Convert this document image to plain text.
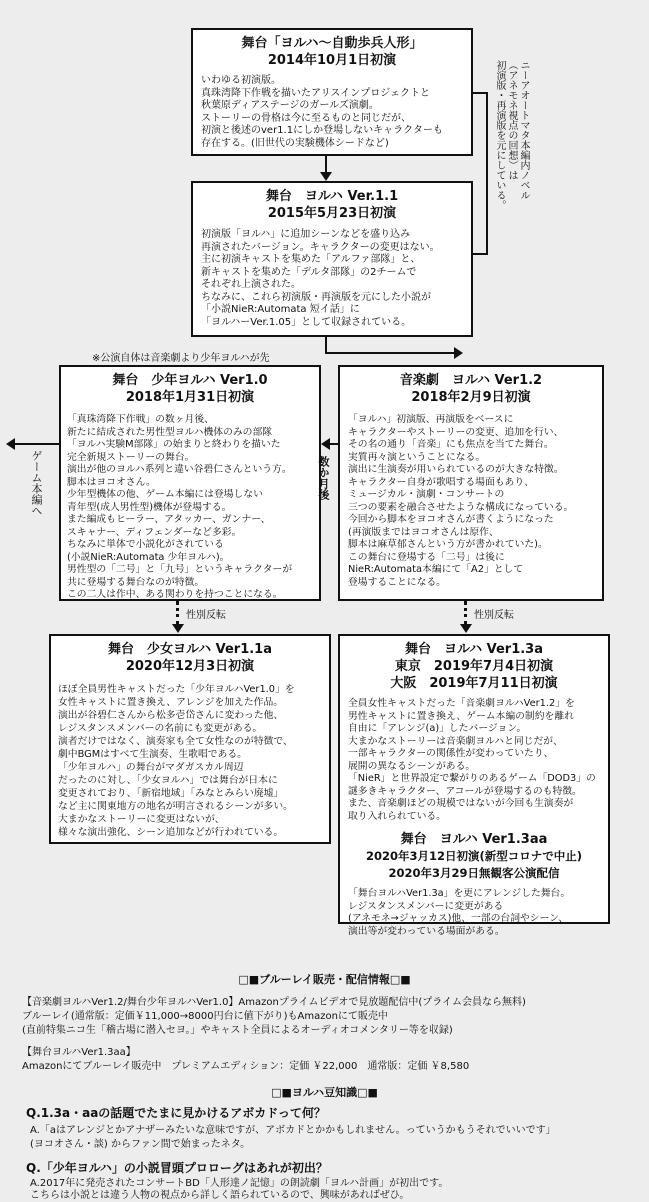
舞台「ヨルハ～自動歩兵人形」
2014年10月1日初演
いわゆる初演版。
真珠湾降下作戦を描いたアリスインプロジェクトと
秋葉原ディアステージのガールズ演劇。
ストーリーの骨格は今に至るものと同じだが、
初演と後述のver1.1にしか登場しないキャラクターも
存在する。(旧世代の実験機体シードなど)	ニーアオートマタ本編内ノベル
（アネモネ視点の回想）は
初演版・再演版を元にしている。
舞台　ヨルハ Ver.1.1
2015年5月23日初演
初演版「ヨルハ」に追加シーンなどを盛り込み
再演されたバージョン。キャラクターの変更はない。
主に初演キャストを集めた「アルファ部隊」と、
新キャストを集めた「デルタ部隊」の2チームで
それぞれ上演された。
ちなみに、これら初演版・再演版を元にした小説が
「小説NieR:Automata 短イ話」に
「ヨルハーVer.1.05」として収録されている。
※公演自体は音楽劇より少年ヨルハが先
舞台　少年ヨルハ Ver1.0
2018年1月31日初演
「真珠湾降下作戦」の数ヶ月後、
新たに結成された男性型ヨルハ機体のみの部隊
「ヨルハ実験M部隊」の始まりと終わりを描いた
完全新規ストーリーの舞台。
演出が他のヨルハ系列と違い谷碧仁さんという方。
脚本はヨコオさん。
少年型機体の他、ゲーム本編には登場しない
青年型(成人男性型)機体が登場する。
また編成もヒーラー、アタッカー、ガンナー、
スキャナー、ディフェンダーなど多彩。
ちなみに単体で小説化がされている
(小説NieR:Automata 少年ヨルハ)。
男性型の「二号」と「九号」というキャラクターが
共に登場する舞台なのが特徴。
この二人は作中、ある関わりを持つことになる。
音楽劇　ヨルハ Ver1.2
2018年2月9日初演
「ヨルハ」初演版、再演版をベースに
キャラクターやストーリーの変更、追加を行い、
その名の通り「音楽」にも焦点を当てた舞台。
実質再々演ということになる。
演出に生演奏が用いられているのが大きな特徴。
キャラクター自身が歌唱する場面もあり、
ミュージカル・演劇・コンサートの
三つの要素を融合させたような構成になっている。
今回から脚本をヨコオさんが書くようになった
(再演版まではヨコオさんは原作、
脚本は麻草郁さんという方が書かれていた)。
この舞台に登場する「二号」は後に
NieR:Automata本編にて「A2」として
登場することになる。
数か月後
ゲーム本編へ
性別反転	性別反転
舞台　少女ヨルハ Ver1.1a
2020年12月3日初演
ほぼ全員男性キャストだった「少年ヨルハVer1.0」を
女性キャストに置き換え、アレンジを加えた作品。
演出が谷碧仁さんから松多壱岱さんに変わった他、
レジスタンスメンバーの名前にも変更がある。
演者だけではなく、演奏家も全て女性なのが特徴で、
劇中BGMはすべて生演奏、生歌唱である。
「少年ヨルハ」の舞台がマダガスカル周辺
だったのに対し、「少女ヨルハ」では舞台が日本に
変更されており、「新宿地域」「みなとみらい廃墟」
など主に関東地方の地名が明言されるシーンが多い。
大まかなストーリーに変更はないが、
様々な演出強化、シーン追加などが行われている。
舞台　ヨルハ Ver1.3a
東京　2019年7月4日初演
大阪　2019年7月11日初演
全員女性キャストだった「音楽劇ヨルハVer1.2」を
男性キャストに置き換え、ゲーム本編の制約を離れ
自由に「アレンジ(a)」したバージョン。
大まかなストーリーは音楽劇ヨルハと同じだが、
一部キャラクターの関係性が変わっていたり、
展開の異なるシーンがある。
「NieR」と世界設定で繋がりのあるゲーム「DOD3」の
謎多きキャラクター、アコールが登場するのも特徴。
また、音楽劇ほどの規模ではないが今回も生演奏が
取り入れられている。
舞台　ヨルハ Ver1.3aa
2020年3月12日初演(新型コロナで中止)
2020年3月29日無観客公演配信
「舞台ヨルハVer1.3a」を更にアレンジした舞台。
レジスタンスメンバーに変更がある
(アネモネ→ジャッカス)他、一部の台詞やシーン、
演出等が変わっている場面がある。
□■ブルーレイ販売・配信情報□■
【音楽劇ヨルハVer1.2/舞台少年ヨルハVer1.0】Amazonプライムビデオで見放題配信中(プライム会員なら無料)
ブルーレイ(通常版：定価￥11,000→8000円台に値下がり)もAmazonにて販売中
(直前特集ニコ生「稽古場に潜入セヨ。」やキャスト全員によるオーディオコメンタリー等を収録)
【舞台ヨルハVer1.3aa】
Amazonにてブルーレイ販売中　プレミアムエディション：定価 ￥22,000　通常版：定価 ￥8,580
□■ヨルハ豆知識□■
Q.1.3a・aaの話題でたまに見かけるアボカドって何？
A.「aはアレンジとかアナザーみたいな意味ですが、アボカドとかかもしれません。っていうかもうそれでいいです」
(ヨコオさん・談) からファン間で始まったネタ。
Q.「少年ヨルハ」の小説冒頭プロローグはあれが初出？
A.2017年に発売されたコンサートBD「人形達ノ記憶」の朗読劇「ヨルハ計画」が初出です。
こちらは小説とは違う人物の視点から詳しく語られているので、興味があればぜひ。
